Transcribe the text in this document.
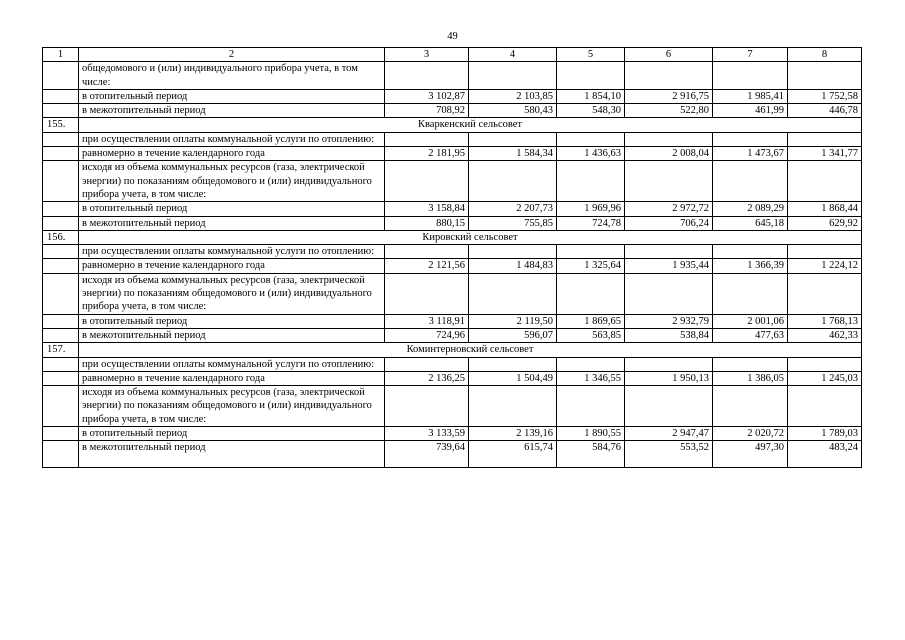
49
1	2	3	4	5	6	7	8
	общедомового и (или) индивидуального прибора учета, в том числе:						
	в отопительный период	3 102,87	2 103,85	1 854,10	2 916,75	1 985,41	1 752,58
	в межотопительный период	708,92	580,43	548,30	522,80	461,99	446,78
155.	Кваркенский сельсовет						
	при осуществлении оплаты коммунальной услуги по отоплению:						
	равномерно в течение календарного года	2 181,95	1 584,34	1 436,63	2 008,04	1 473,67	1 341,77
	исходя из объема коммунальных ресурсов (газа, электрической энергии) по показаниям общедомового и (или) индивидуального прибора учета, в том числе:						
	в отопительный период	3 158,84	2 207,73	1 969,96	2 972,72	2 089,29	1 868,44
	в межотопительный период	880,15	755,85	724,78	706,24	645,18	629,92
156.	Кировский сельсовет						
	при осуществлении оплаты коммунальной услуги по отоплению:						
	равномерно в течение календарного года	2 121,56	1 484,83	1 325,64	1 935,44	1 366,39	1 224,12
	исходя из объема коммунальных ресурсов (газа, электрической энергии) по показаниям общедомового и (или) индивидуального прибора учета, в том числе:						
	в отопительный период	3 118,91	2 119,50	1 869,65	2 932,79	2 001,06	1 768,13
	в межотопительный период	724,96	596,07	563,85	538,84	477,63	462,33
157.	Коминтерновский сельсовет						
	при осуществлении оплаты коммунальной услуги по отоплению:						
	равномерно в течение календарного года	2 136,25	1 504,49	1 346,55	1 950,13	1 386,05	1 245,03
	исходя из объема коммунальных ресурсов (газа, электрической энергии) по показаниям общедомового и (или) индивидуального прибора учета, в том числе:						
	в отопительный период	3 133,59	2 139,16	1 890,55	2 947,47	2 020,72	1 789,03
	в межотопительный период	739,64	615,74	584,76	553,52	497,30	483,24
